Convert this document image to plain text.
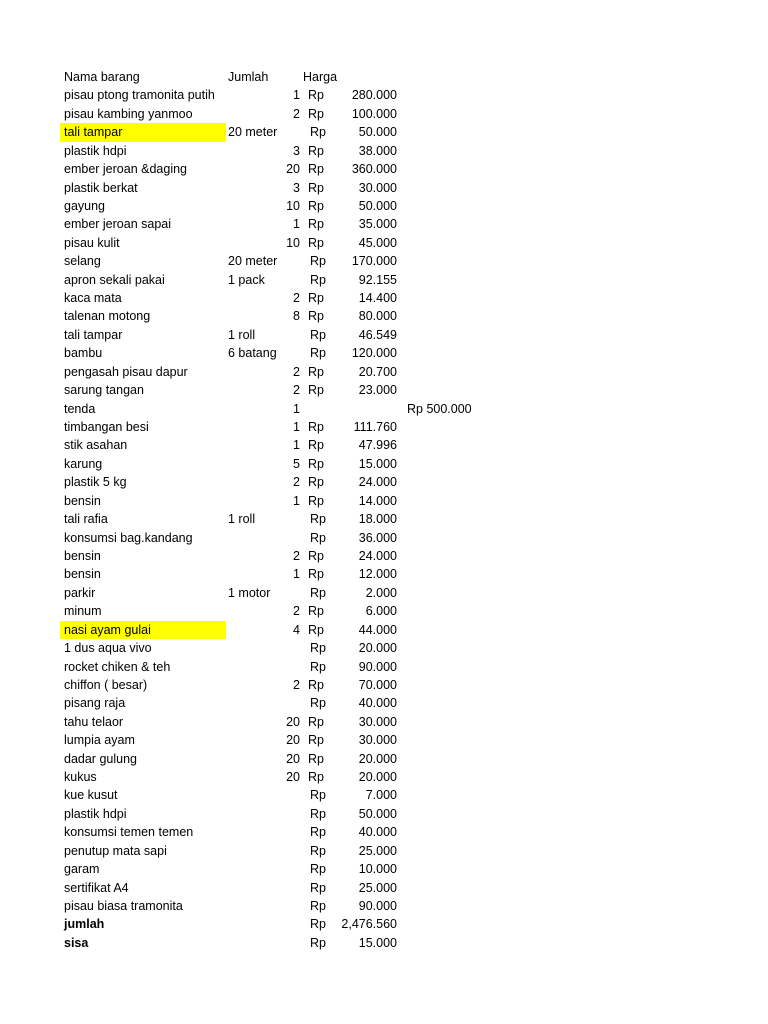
Nama barang	Jumlah	Harga
pisau ptong tramonita putih	1 Rp	280.000
pisau kambing yanmoo	2 Rp	100.000
tali tampar	20 meter	Rp	50.000
plastik hdpi	3 Rp	38.000
ember jeroan &daging	20 Rp	360.000
plastik berkat	3 Rp	30.000
gayung	10 Rp	50.000
ember jeroan sapai	1 Rp	35.000
pisau kulit	10 Rp	45.000
selang	20 meter	Rp	170.000
apron sekali pakai	1 pack	Rp	92.155
kaca mata	2 Rp	14.400
talenan motong	8 Rp	80.000
tali tampar	1 roll	Rp	46.549
bambu	6 batang	Rp	120.000
pengasah pisau dapur	2 Rp	20.700
sarung tangan	2 Rp	23.000
tenda	1	Rp 500.000
timbangan besi	1 Rp	111.760
stik asahan	1 Rp	47.996
karung	5 Rp	15.000
plastik 5 kg	2 Rp	24.000
bensin	1 Rp	14.000
tali rafia	1 roll	Rp	18.000
konsumsi bag.kandang	Rp	36.000
bensin	2 Rp	24.000
bensin	1 Rp	12.000
parkir	1 motor	Rp	2.000
minum	2 Rp	6.000
nasi ayam gulai	4 Rp	44.000
1 dus aqua vivo	Rp	20.000
rocket chiken & teh	Rp	90.000
chiffon ( besar)	2 Rp	70.000
pisang raja	Rp	40.000
tahu telaor	20 Rp	30.000
lumpia ayam	20 Rp	30.000
dadar gulung	20 Rp	20.000
kukus	20 Rp	20.000
kue kusut	Rp	7.000
plastik hdpi	Rp	50.000
konsumsi temen temen	Rp	40.000
penutup mata sapi	Rp	25.000
garam	Rp	10.000
sertifikat A4	Rp	25.000
pisau biasa tramonita	Rp	90.000
jumlah	Rp	2,476.560
sisa	Rp	15.000
